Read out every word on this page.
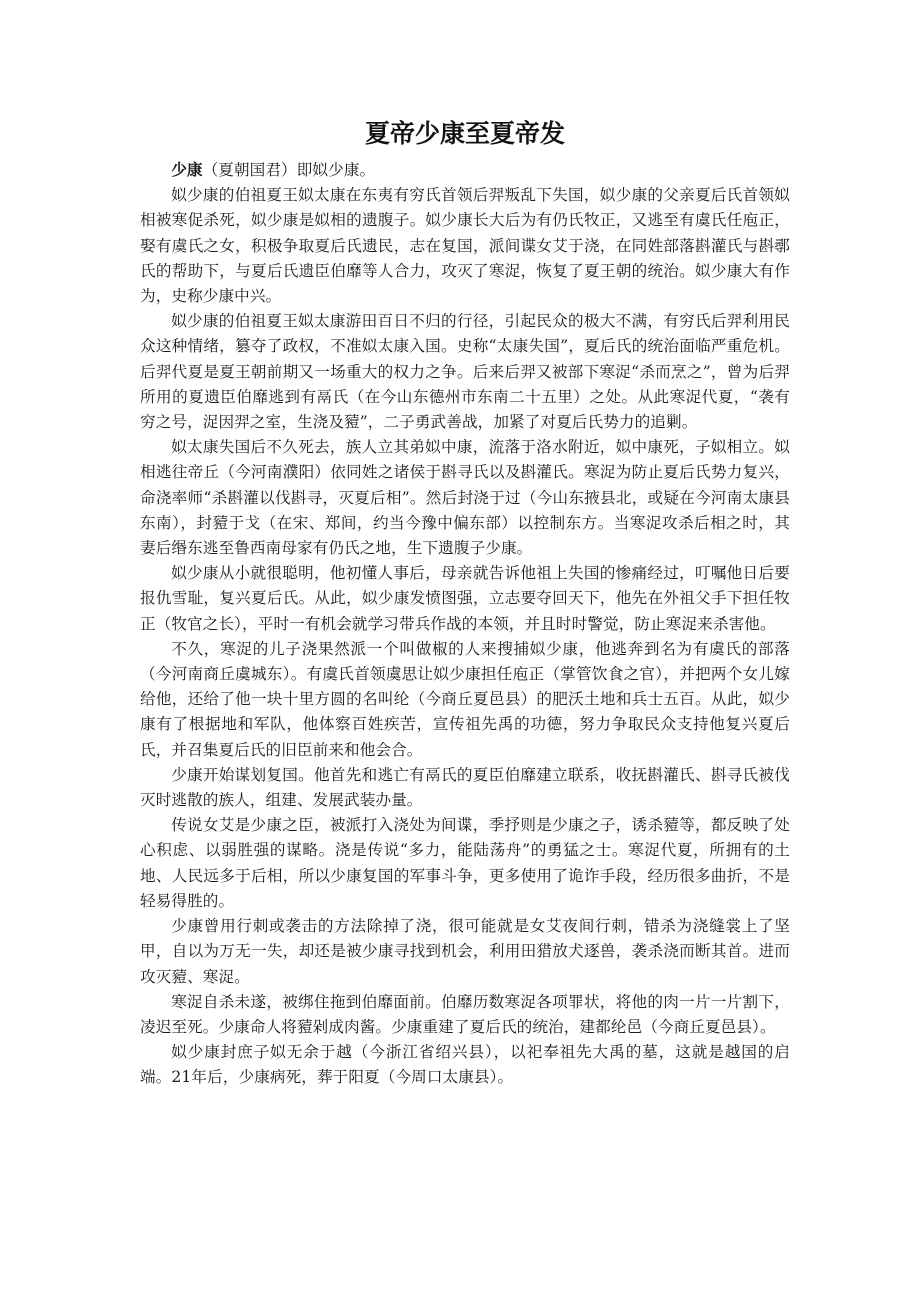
夏帝少康至夏帝发

少康（夏朝国君）即姒少康。

姒少康的伯祖夏王姒太康在东夷有穷氏首领后羿叛乱下失国，姒少康的父亲夏后氏首领姒相被寒促杀死，姒少康是姒相的遗腹子。姒少康长大后为有仍氏牧正，又逃至有虞氏任庖正，娶有虞氏之女，积极争取夏后氏遗民，志在复国，派间谍女艾于浇，在同姓部落斟灌氏与斟鄩氏的帮助下，与夏后氏遗臣伯靡等人合力，攻灭了寒浞，恢复了夏王朝的统治。姒少康大有作为，史称少康中兴。

姒少康的伯祖夏王姒太康游田百日不归的行径，引起民众的极大不满，有穷氏后羿利用民众这种情绪，篡夺了政权，不准姒太康入国。史称“太康失国”，夏后氏的统治面临严重危机。后羿代夏是夏王朝前期又一场重大的权力之争。后来后羿又被部下寒浞“杀而烹之”，曾为后羿所用的夏遗臣伯靡逃到有鬲氏（在今山东德州市东南二十五里）之处。从此寒浞代夏，“袭有穷之号，浞因羿之室，生浇及豷”，二子勇武善战，加紧了对夏后氏势力的追剿。

姒太康失国后不久死去，族人立其弟姒中康，流落于洛水附近，姒中康死，子姒相立。姒相逃往帝丘（今河南濮阳）依同姓之诸侯于斟寻氏以及斟灌氏。寒浞为防止夏后氏势力复兴，命浇率师“杀斟灌以伐斟寻，灭夏后相”。然后封浇于过（今山东掖县北，或疑在今河南太康县东南），封豷于戈（在宋、郑间，约当今豫中偏东部）以控制东方。当寒浞攻杀后相之时，其妻后缗东逃至鲁西南母家有仍氏之地，生下遗腹子少康。

姒少康从小就很聪明，他初懂人事后，母亲就告诉他祖上失国的惨痛经过，叮嘱他日后要报仇雪耻，复兴夏后氏。从此，姒少康发愤图强，立志要夺回天下，他先在外祖父手下担任牧正（牧官之长），平时一有机会就学习带兵作战的本领，并且时时警觉，防止寒浞来杀害他。

不久，寒浞的儿子浇果然派一个叫做椒的人来搜捕姒少康，他逃奔到名为有虞氏的部落（今河南商丘虞城东）。有虞氏首领虞思让姒少康担任庖正（掌管饮食之官），并把两个女儿嫁给他，还给了他一块十里方圆的名叫纶（今商丘夏邑县）的肥沃土地和兵士五百。从此，姒少康有了根据地和军队，他体察百姓疾苦，宣传祖先禹的功德，努力争取民众支持他复兴夏后氏，并召集夏后氏的旧臣前来和他会合。

少康开始谋划复国。他首先和逃亡有鬲氏的夏臣伯靡建立联系，收抚斟灌氏、斟寻氏被伐灭时逃散的族人，组建、发展武装办量。

传说女艾是少康之臣，被派打入浇处为间谍，季抒则是少康之子，诱杀豷等，都反映了处心积虑、以弱胜强的谋略。浇是传说“多力，能陆荡舟”的勇猛之士。寒浞代夏，所拥有的土地、人民远多于后相，所以少康复国的军事斗争，更多使用了诡诈手段，经历很多曲折，不是轻易得胜的。

少康曾用行刺或袭击的方法除掉了浇，很可能就是女艾夜间行刺，错杀为浇缝裳上了坚甲，自以为万无一失，却还是被少康寻找到机会，利用田猎放犬逐兽，袭杀浇而断其首。进而攻灭豷、寒浞。

寒浞自杀未遂，被绑住拖到伯靡面前。伯靡历数寒浞各项罪状，将他的肉一片一片割下，凌迟至死。少康命人将豷剁成肉酱。少康重建了夏后氏的统治，建都纶邑（今商丘夏邑县）。

姒少康封庶子姒无余于越（今浙江省绍兴县），以祀奉祖先大禹的墓，这就是越国的启端。21年后，少康病死，葬于阳夏（今周口太康县）。
